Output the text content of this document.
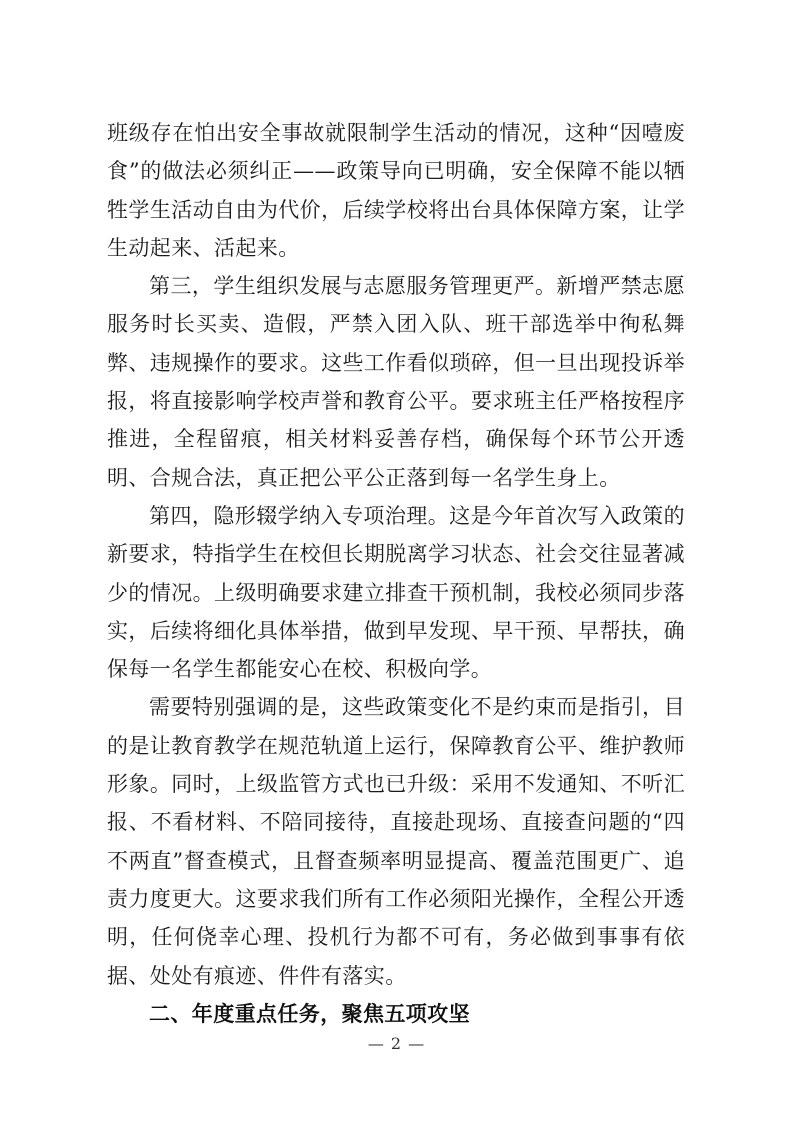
班级存在怕出安全事故就限制学生活动的情况，这种“因噎废食”的做法必须纠正——政策导向已明确，安全保障不能以牺牲学生活动自由为代价，后续学校将出台具体保障方案，让学生动起来、活起来。

第三，学生组织发展与志愿服务管理更严。新增严禁志愿服务时长买卖、造假，严禁入团入队、班干部选举中徇私舞弊、违规操作的要求。这些工作看似琐碎，但一旦出现投诉举报，将直接影响学校声誉和教育公平。要求班主任严格按程序推进，全程留痕，相关材料妥善存档，确保每个环节公开透明、合规合法，真正把公平公正落到每一名学生身上。

第四，隐形辍学纳入专项治理。这是今年首次写入政策的新要求，特指学生在校但长期脱离学习状态、社会交往显著减少的情况。上级明确要求建立排查干预机制，我校必须同步落实，后续将细化具体举措，做到早发现、早干预、早帮扶，确保每一名学生都能安心在校、积极向学。

需要特别强调的是，这些政策变化不是约束而是指引，目的是让教育教学在规范轨道上运行，保障教育公平、维护教师形象。同时，上级监管方式也已升级：采用不发通知、不听汇报、不看材料、不陪同接待，直接赴现场、直接查问题的“四不两直”督查模式，且督查频率明显提高、覆盖范围更广、追责力度更大。这要求我们所有工作必须阳光操作，全程公开透明，任何侥幸心理、投机行为都不可有，务必做到事事有依据、处处有痕迹、件件有落实。

二、年度重点任务，聚焦五项攻坚
— 2 —
